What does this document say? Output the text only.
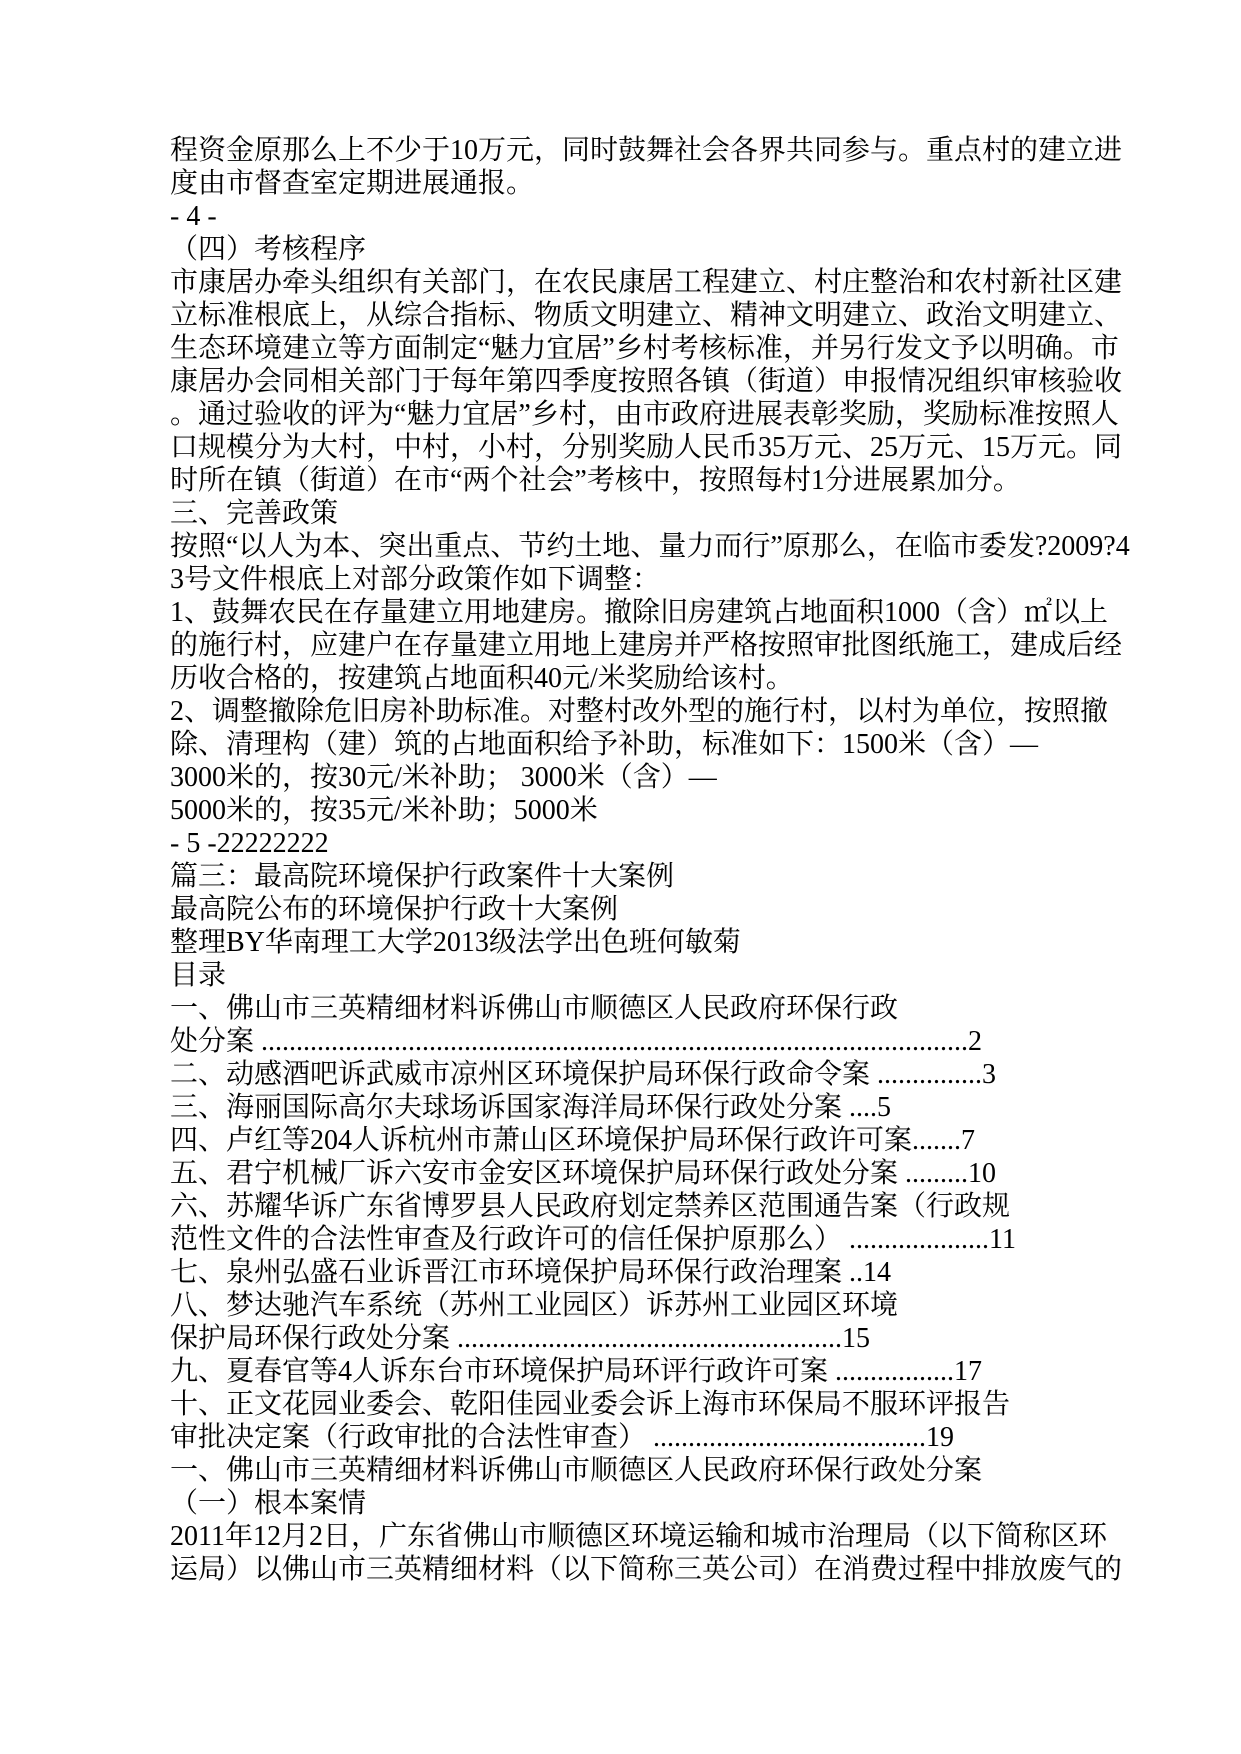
程资金原那么上不少于10万元，同时鼓舞社会各界共同参与。重点村的建立进
度由市督查室定期进展通报。
- 4 -
（四）考核程序
市康居办牵头组织有关部门，在农民康居工程建立、村庄整治和农村新社区建
立标准根底上，从综合指标、物质文明建立、精神文明建立、政治文明建立、
生态环境建立等方面制定“魅力宜居”乡村考核标准，并另行发文予以明确。市
康居办会同相关部门于每年第四季度按照各镇（街道）申报情况组织审核验收
。通过验收的评为“魅力宜居”乡村，由市政府进展表彰奖励，奖励标准按照人
口规模分为大村，中村，小村，分别奖励人民币35万元、25万元、15万元。同
时所在镇（街道）在市“两个社会”考核中，按照每村1分进展累加分。
三、完善政策
按照“以人为本、突出重点、节约土地、量力而行”原那么，在临市委发?2009?4
3号文件根底上对部分政策作如下调整：
1、鼓舞农民在存量建立用地建房。撤除旧房建筑占地面积1000（含）㎡以上
的施行村，应建户在存量建立用地上建房并严格按照审批图纸施工，建成后经
历收合格的，按建筑占地面积40元/米奖励给该村。
2、调整撤除危旧房补助标准。对整村改外型的施行村，以村为单位，按照撤
除、清理构（建）筑的占地面积给予补助，标准如下：1500米（含）—
3000米的，按30元/米补助； 3000米（含）—
5000米的，按35元/米补助；5000米
- 5 -22222222
篇三：最高院环境保护行政案件十大案例
最高院公布的环境保护行政十大案例
整理BY华南理工大学2013级法学出色班何敏菊
目录
一、佛山市三英精细材料诉佛山市顺德区人民政府环保行政
处分案 .....................................................................................................2
二、动感酒吧诉武威市凉州区环境保护局环保行政命令案 ...............3
三、海丽国际高尔夫球场诉国家海洋局环保行政处分案 ....5
四、卢红等204人诉杭州市萧山区环境保护局环保行政许可案.......7
五、君宁机械厂诉六安市金安区环境保护局环保行政处分案 .........10
六、苏耀华诉广东省博罗县人民政府划定禁养区范围通告案（行政规
范性文件的合法性审查及行政许可的信任保护原那么） ....................11
七、泉州弘盛石业诉晋江市环境保护局环保行政治理案 ..14
八、梦达驰汽车系统（苏州工业园区）诉苏州工业园区环境
保护局环保行政处分案 .......................................................15
九、夏春官等4人诉东台市环境保护局环评行政许可案 .................17
十、正文花园业委会、乾阳佳园业委会诉上海市环保局不服环评报告
审批决定案（行政审批的合法性审查） .......................................19
一、佛山市三英精细材料诉佛山市顺德区人民政府环保行政处分案
（一）根本案情
2011年12月2日，广东省佛山市顺德区环境运输和城市治理局（以下简称区环
运局）以佛山市三英精细材料（以下简称三英公司）在消费过程中排放废气的
